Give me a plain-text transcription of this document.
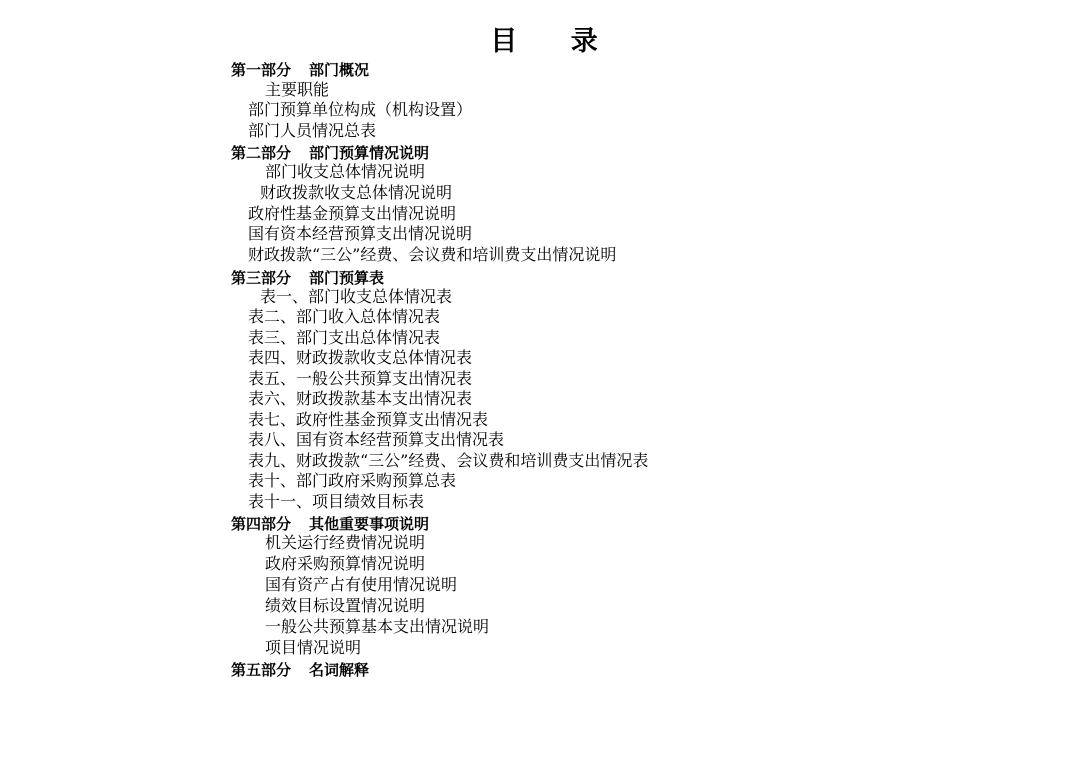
目 录
第一部分 部门概况
主要职能
部门预算单位构成（机构设置）
部门人员情况总表
第二部分 部门预算情况说明
部门收支总体情况说明
财政拨款收支总体情况说明
政府性基金预算支出情况说明
国有资本经营预算支出情况说明
财政拨款“三公”经费、会议费和培训费支出情况说明
第三部分 部门预算表
表一、部门收支总体情况表
表二、部门收入总体情况表
表三、部门支出总体情况表
表四、财政拨款收支总体情况表
表五、一般公共预算支出情况表
表六、财政拨款基本支出情况表
表七、政府性基金预算支出情况表
表八、国有资本经营预算支出情况表
表九、财政拨款“三公”经费、会议费和培训费支出情况表
表十、部门政府采购预算总表
表十一、项目绩效目标表
第四部分 其他重要事项说明
机关运行经费情况说明
政府采购预算情况说明
国有资产占有使用情况说明
绩效目标设置情况说明
一般公共预算基本支出情况说明
项目情况说明
第五部分 名词解释
